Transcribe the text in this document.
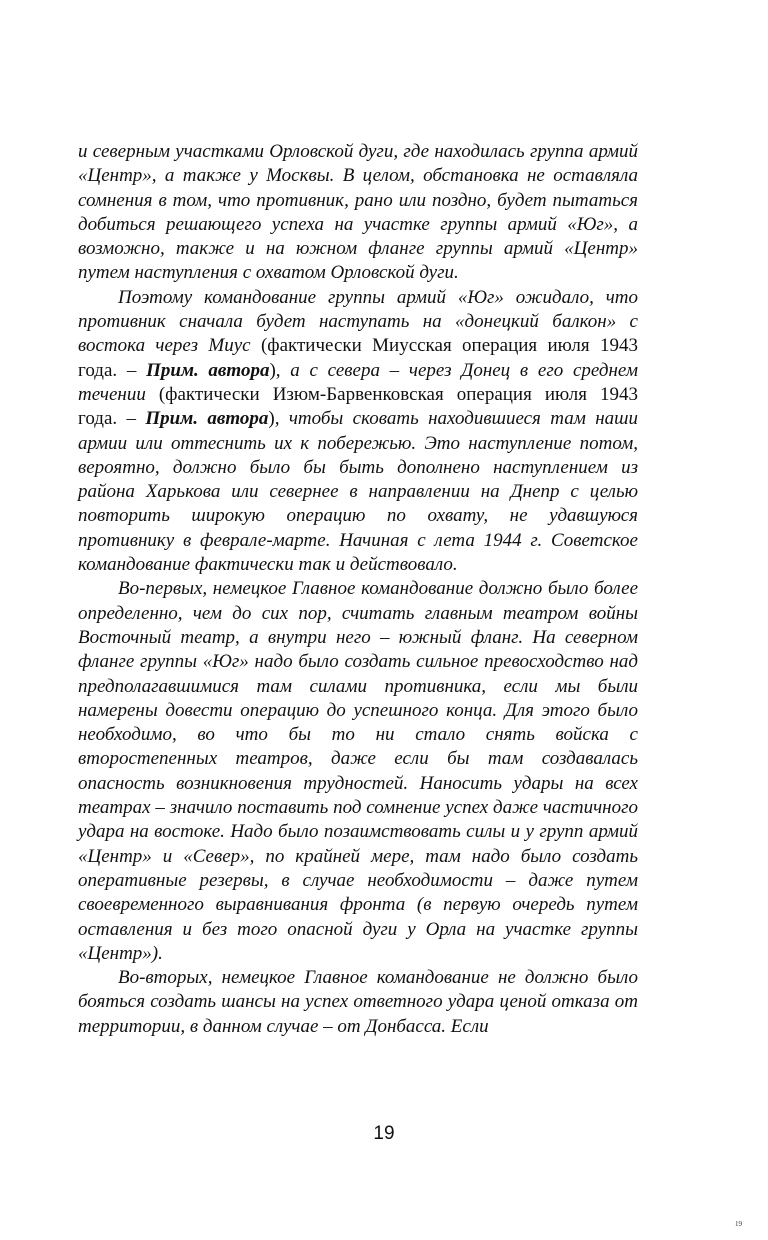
и северным участками Орловской дуги, где находилась группа армий «Центр», а также у Москвы. В целом, обстановка не оставляла сомнения в том, что противник, рано или поздно, будет пытаться добиться решающего успеха на участке группы армий «Юг», а возможно, также и на южном фланге группы армий «Центр» путем наступления с охватом Орловской дуги.

Поэтому командование группы армий «Юг» ожидало, что противник сначала будет наступать на «донецкий балкон» с востока через Миус (фактически Миусская операция июля 1943 года. – Прим. автора), а с севера – через Донец в его среднем течении (фактически Изюм-Барвенковская операция июля 1943 года. – Прим. автора), чтобы сковать находившиеся там наши армии или оттеснить их к побережью. Это наступление потом, вероятно, должно было бы быть дополнено наступлением из района Харькова или севернее в направлении на Днепр с целью повторить широкую операцию по охвату, не удавшуюся противнику в феврале-марте. Начиная с лета 1944 г. Советское командование фактически так и действовало.

Во-первых, немецкое Главное командование должно было более определенно, чем до сих пор, считать главным театром войны Восточный театр, а внутри него – южный фланг. На северном фланге группы «Юг» надо было создать сильное превосходство над предполагавшимися там силами противника, если мы были намерены довести операцию до успешного конца. Для этого было необходимо, во что бы то ни стало снять войска с второстепенных театров, даже если бы там создавалась опасность возникновения трудностей. Наносить удары на всех театрах – значило поставить под сомнение успех даже частичного удара на востоке. Надо было позаимствовать силы и у групп армий «Центр» и «Север», по крайней мере, там надо было создать оперативные резервы, в случае необходимости – даже путем своевременного выравнивания фронта (в первую очередь путем оставления и без того опасной дуги у Орла на участке группы «Центр»).

Во-вторых, немецкое Главное командование не должно было бояться создать шансы на успех ответного удара ценой отказа от территории, в данном случае – от Донбасса. Если

19
19
